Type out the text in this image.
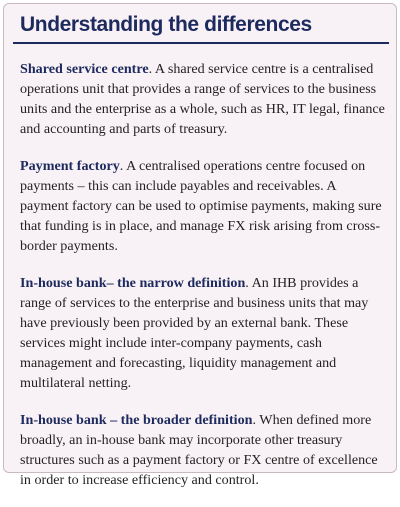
Understanding the differences

Shared service centre. A shared service centre is a centralised operations unit that provides a range of services to the business units and the enterprise as a whole, such as HR, IT legal, finance and accounting and parts of treasury.

Payment factory. A centralised operations centre focused on payments – this can include payables and receivables. A payment factory can be used to optimise payments, making sure that funding is in place, and manage FX risk arising from cross-border payments.

In-house bank– the narrow definition. An IHB provides a range of services to the enterprise and business units that may have previously been provided by an external bank. These services might include inter-company payments, cash management and forecasting, liquidity management and multilateral netting.

In-house bank – the broader definition. When defined more broadly, an in-house bank may incorporate other treasury structures such as a payment factory or FX centre of excellence in order to increase efficiency and control.
